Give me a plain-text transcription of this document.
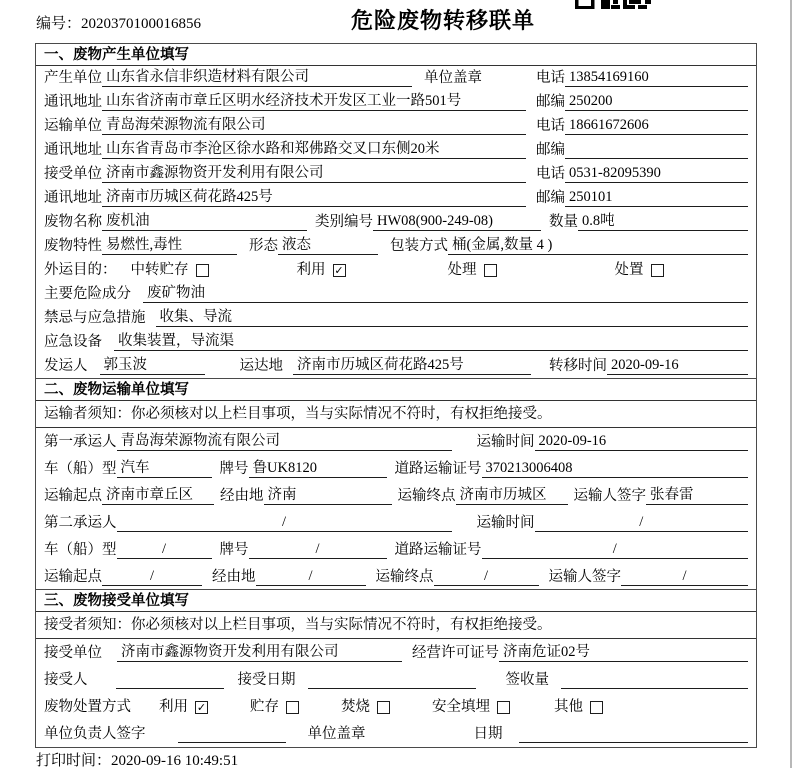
编号：2020370100016856	危险废物转移联单
一、废物产生单位填写
产生单位 山东省永信非织造材料有限公司	单位盖章	电话 13854169160
通讯地址 山东省济南市章丘区明水经济技术开发区工业一路501号	邮编 250200
运输单位 青岛海荣源物流有限公司	电话 18661672606
通讯地址 山东省青岛市李沧区徐水路和郑佛路交叉口东侧20米	邮编
接受单位 济南市鑫源物资开发利用有限公司	电话 0531-82095390
通讯地址 济南市历城区荷花路425号	邮编 250101
废物名称 废机油	类别编号 HW08(900-249-08)	数量 0.8吨
废物特性 易燃性,毒性	形态 液态	包装方式 桶(金属,数量 4 )
外运目的： 中转贮存	利用 ✓	处理	处置
主要危险成分 废矿物油
禁忌与应急措施 收集、导流
应急设备 收集装置，导流渠
发运人 郭玉波	运达地 济南市历城区荷花路425号	转移时间 2020-09-16
二、废物运输单位填写
运输者须知：你必须核对以上栏目事项，当与实际情况不符时，有权拒绝接受。
第一承运人 青岛海荣源物流有限公司	运输时间 2020-09-16
车（船）型 汽车	牌号 鲁UK8120	道路运输证号 370213006408
运输起点 济南市章丘区	经由地 济南	运输终点 济南市历城区	运输人签字 张春雷
第二承运人	/	运输时间	/
车（船）型	/	牌号	/	道路运输证号	/
运输起点	/	经由地	/	运输终点	/	运输人签字	/
三、废物接受单位填写
接受者须知：你必须核对以上栏目事项，当与实际情况不符时，有权拒绝接受。
接受单位 济南市鑫源物资开发利用有限公司	经营许可证号 济南危证02号
接受人	接受日期	签收量
废物处置方式 利用 ✓	贮存	焚烧	安全填埋	其他
单位负责人签字	单位盖章	日期
打印时间：2020-09-16 10:49:51
